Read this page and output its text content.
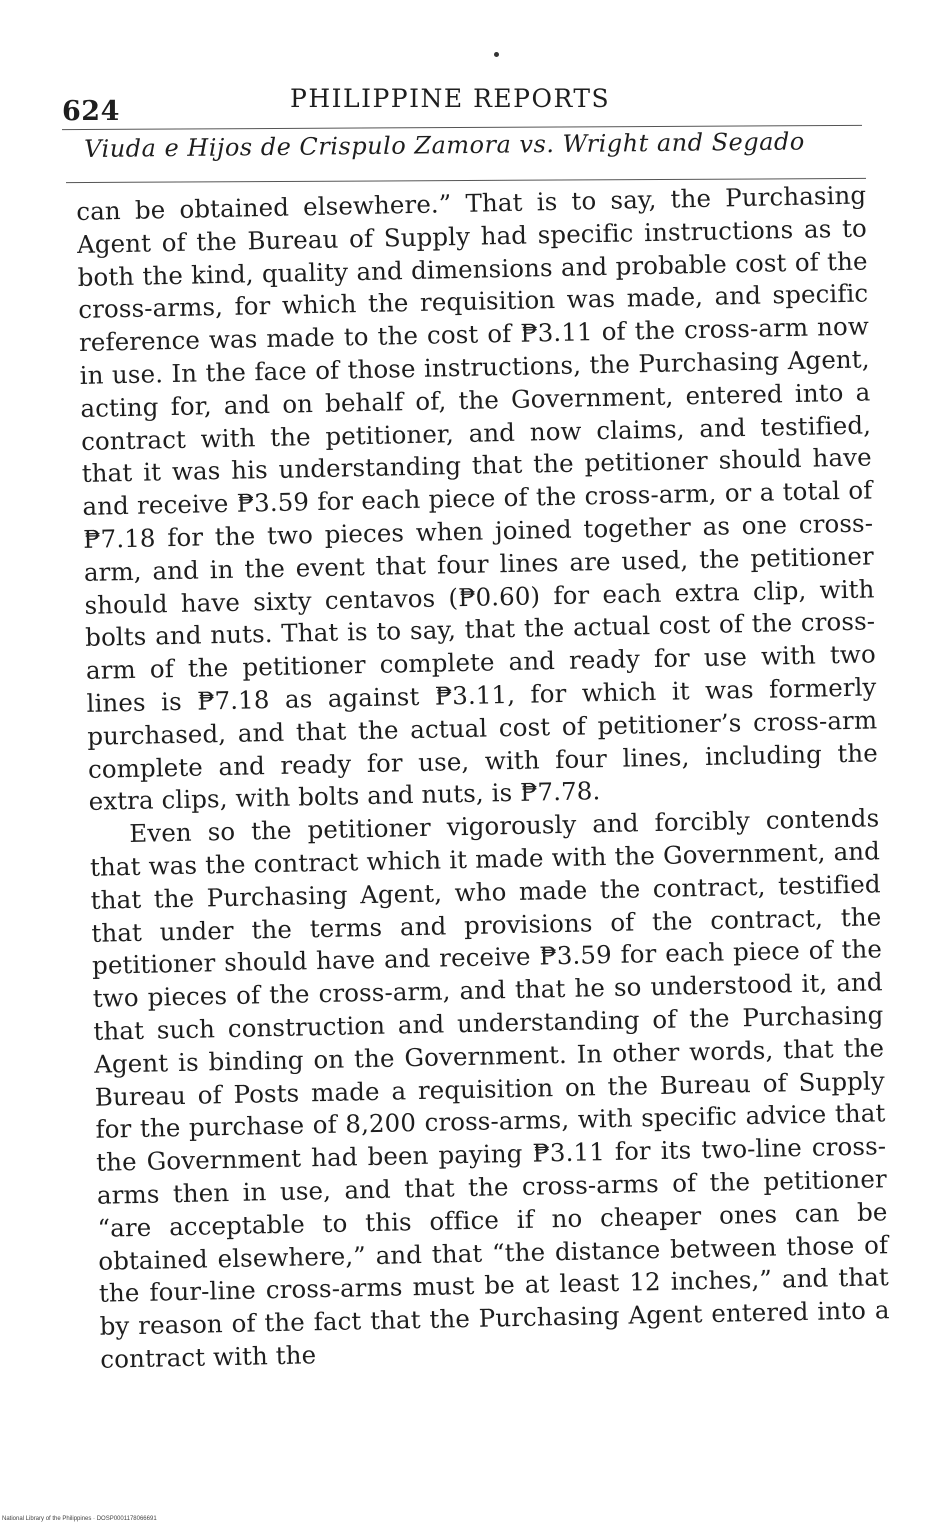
624	PHILIPPINE REPORTS
Viuda e Hijos de Crispulo Zamora vs. Wright and Segado

can be obtained elsewhere.” That is to say, the Purchasing Agent of the Bureau of Supply had specific instructions as to both the kind, quality and dimensions and probable cost of the cross-arms, for which the requisition was made, and specific reference was made to the cost of ₱3.11 of the cross-arm now in use. In the face of those instructions, the Purchasing Agent, acting for, and on behalf of, the Government, entered into a contract with the petitioner, and now claims, and testified, that it was his understanding that the petitioner should have and receive ₱3.59 for each piece of the cross-arm, or a total of ₱7.18 for the two pieces when joined together as one cross-arm, and in the event that four lines are used, the petitioner should have sixty centavos (₱0.60) for each extra clip, with bolts and nuts. That is to say, that the actual cost of the cross-arm of the petitioner complete and ready for use with two lines is ₱7.18 as against ₱3.11, for which it was formerly purchased, and that the actual cost of petitioner’s cross-arm complete and ready for use, with four lines, including the extra clips, with bolts and nuts, is ₱7.78.

Even so the petitioner vigorously and forcibly contends that was the contract which it made with the Government, and that the Purchasing Agent, who made the contract, testified that under the terms and provisions of the contract, the petitioner should have and receive ₱3.59 for each piece of the two pieces of the cross-arm, and that he so understood it, and that such construction and understanding of the Purchasing Agent is binding on the Government. In other words, that the Bureau of Posts made a requisition on the Bureau of Supply for the purchase of 8,200 cross-arms, with specific advice that the Government had been paying ₱3.11 for its two-line cross-arms then in use, and that the cross-arms of the petitioner “are acceptable to this office if no cheaper ones can be obtained elsewhere,” and that “the distance between those of the four-line cross-arms must be at least 12 inches,” and that by reason of the fact that the Purchasing Agent entered into a contract with the

National Library of the Philippines · DOSP0001178066691
